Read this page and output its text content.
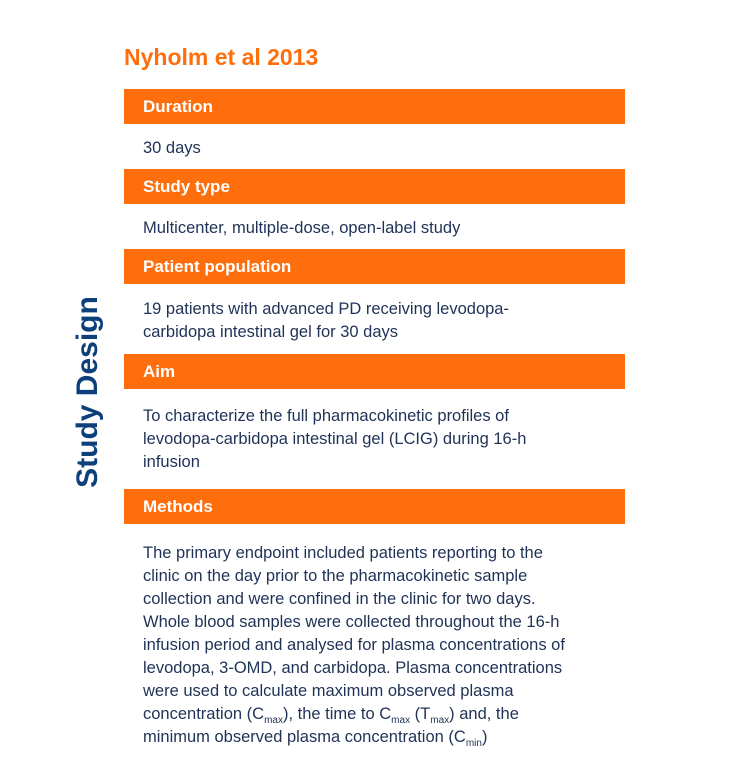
Nyholm et al 2013
Study Design
Duration
30 days
Study type
Multicenter, multiple-dose, open-label study
Patient population

19 patients with advanced PD receiving levodopa-

carbidopa intestinal gel for 30 days

Aim

To characterize the full pharmacokinetic profiles of

levodopa-carbidopa intestinal gel (LCIG) during 16-h

infusion

Methods

The primary endpoint included patients reporting to the

clinic on the day prior to the pharmacokinetic sample

collection and were confined in the clinic for two days.

Whole blood samples were collected throughout the 16-h

infusion period and analysed for plasma concentrations of

levodopa, 3-OMD, and carbidopa. Plasma concentrations

were used to calculate maximum observed plasma

concentration $(C_{max})$, the time to $C_{max}$ $(T_{max})$ and, the

minimum observed plasma concentration $(C_{min})$
